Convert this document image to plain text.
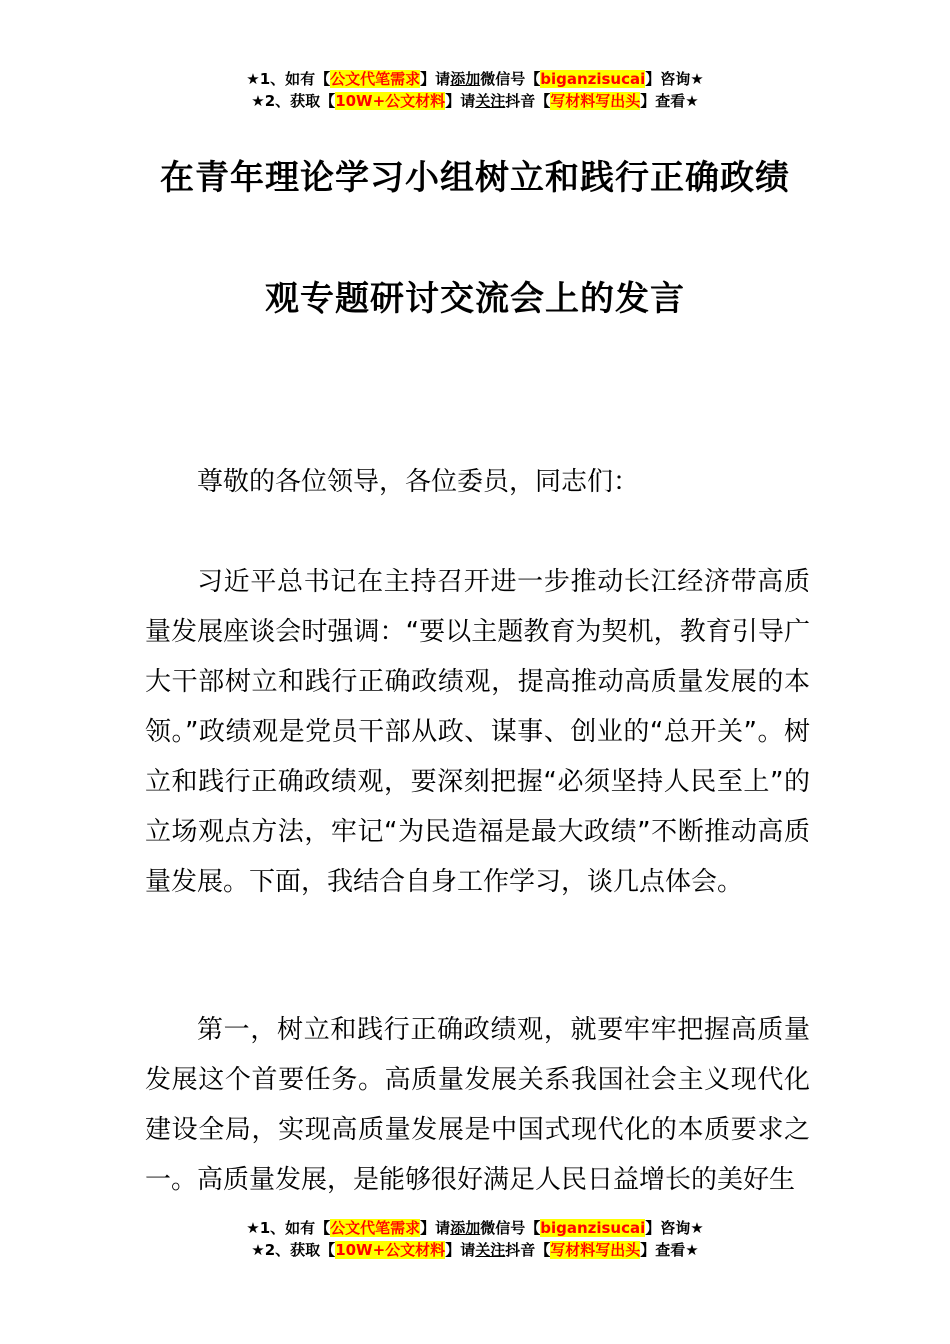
★1、如有【公文代笔需求】请添加微信号【biganzisucai】咨询★
★2、获取【10W+公文材料】请关注抖音【写材料写出头】查看★
在青年理论学习小组树立和践行正确政绩
观专题研讨交流会上的发言

尊敬的各位领导，各位委员，同志们：

习近平总书记在主持召开进一步推动长江经济带高质量发展座谈会时强调：“要以主题教育为契机，教育引导广大干部树立和践行正确政绩观，提高推动高质量发展的本领。”政绩观是党员干部从政、谋事、创业的“总开关”。树立和践行正确政绩观，要深刻把握“必须坚持人民至上”的立场观点方法，牢记“为民造福是最大政绩”不断推动高质量发展。下面，我结合自身工作学习，谈几点体会。

第一，树立和践行正确政绩观，就要牢牢把握高质量发展这个首要任务。高质量发展关系我国社会主义现代化建设全局，实现高质量发展是中国式现代化的本质要求之一。高质量发展，是能够很好满足人民日益增长的美好生

★1、如有【公文代笔需求】请添加微信号【biganzisucai】咨询★
★2、获取【10W+公文材料】请关注抖音【写材料写出头】查看★
